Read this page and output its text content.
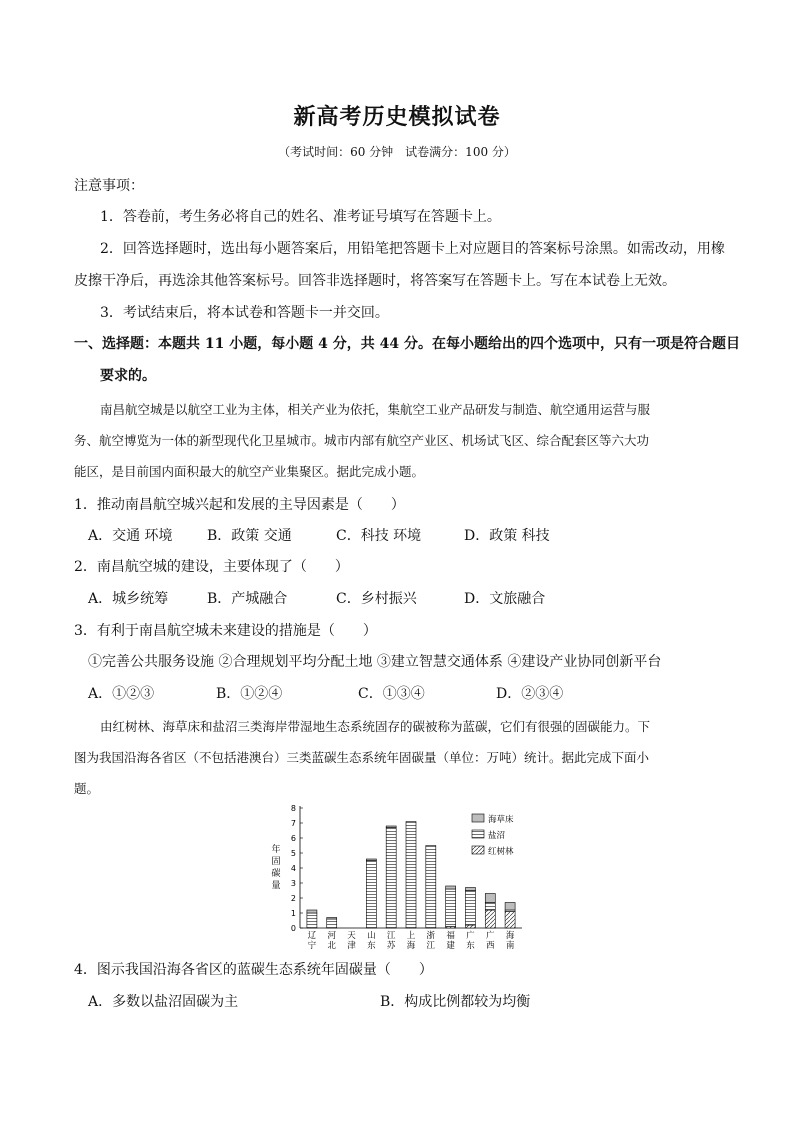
新高考历史模拟试卷
（考试时间：60 分钟　试卷满分：100 分）
注意事项：
1．答卷前，考生务必将自己的姓名、准考证号填写在答题卡上。
2．回答选择题时，选出每小题答案后，用铅笔把答题卡上对应题目的答案标号涂黑。如需改动，用橡
皮擦干净后，再选涂其他答案标号。回答非选择题时，将答案写在答题卡上。写在本试卷上无效。
3．考试结束后，将本试卷和答题卡一并交回。
一、选择题：本题共 11 小题，每小题 4 分，共 44 分。在每小题给出的四个选项中，只有一项是符合题目
要求的。
南昌航空城是以航空工业为主体，相关产业为依托，集航空工业产品研发与制造、航空通用运营与服
务、航空博览为一体的新型现代化卫星城市。城市内部有航空产业区、机场试飞区、综合配套区等六大功
能区，是目前国内面积最大的航空产业集聚区。据此完成小题。
1．推动南昌航空城兴起和发展的主导因素是（　　）
A．交通 环境 B．政策 交通	C．科技 环境	D．政策 科技
2．南昌航空城的建设，主要体现了（　　）
A．城乡统筹	B．产城融合	C．乡村振兴	D．文旅融合
3．有利于南昌航空城未来建设的措施是（　　）
①完善公共服务设施 ②合理规划平均分配土地 ③建立智慧交通体系 ④建设产业协同创新平台
A．①②③	B．①②④	C．①③④	D．②③④
由红树林、海草床和盐沼三类海岸带湿地生态系统固存的碳被称为蓝碳，它们有很强的固碳能力。下
图为我国沿海各省区（不包括港澳台）三类蓝碳生态系统年固碳量（单位：万吨）统计。据此完成下面小
题。
年
固
碳
量
0
1
2
3
4
5
6
7
8
辽
宁
河
北
天
津
山
东
江
苏
上
海
浙
江
福
建
广
东
广
西
海
南
海草床
盐沼
红树林
4．图示我国沿海各省区的蓝碳生态系统年固碳量（　　）
A．多数以盐沼固碳为主	B．构成比例都较为均衡
